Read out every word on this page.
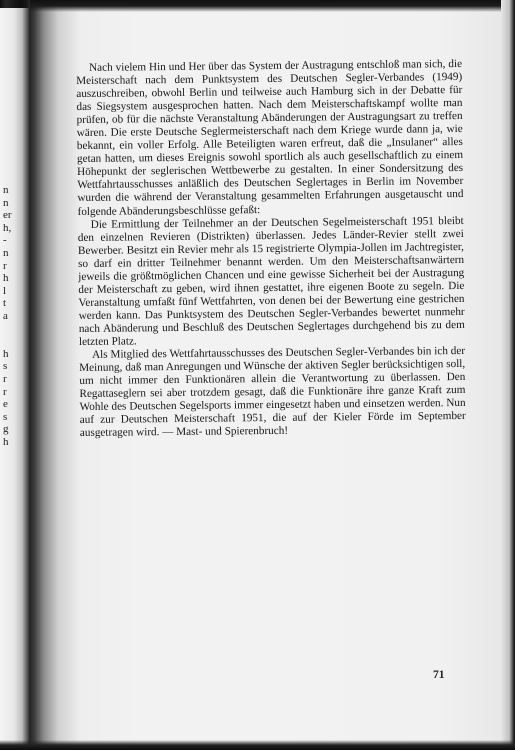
n
n
er
h,
-
n
r
h
l
t
a
h
s
r
r
e
s
g
h

Nach vielem Hin und Her über das System der Austragung entschloß man sich, die Meisterschaft nach dem Punktsystem des Deutschen Segler-Verbandes (1949) auszuschreiben, obwohl Berlin und teilweise auch Hamburg sich in der Debatte für das Siegsystem ausgesprochen hatten. Nach dem Meisterschaftskampf wollte man prüfen, ob für die nächste Veranstaltung Abänderungen der Austragungsart zu treffen wären. Die erste Deutsche Seglermeisterschaft nach dem Kriege wurde dann ja, wie bekannt, ein voller Erfolg. Alle Beteiligten waren erfreut, daß die „Insulaner“ alles getan hatten, um dieses Ereignis sowohl sportlich als auch gesellschaftlich zu einem Höhepunkt der seglerischen Wettbewerbe zu gestalten. In einer Sondersitzung des Wettfahrtausschusses anläßlich des Deutschen Seglertages in Berlin im November wurden die während der Veranstaltung gesammelten Erfahrungen ausgetauscht und folgende Abänderungsbeschlüsse gefaßt:

Die Ermittlung der Teilnehmer an der Deutschen Segelmeisterschaft 1951 bleibt den einzelnen Revieren (Distrikten) überlassen. Jedes Länder-Revier stellt zwei Bewerber. Besitzt ein Revier mehr als 15 registrierte Olympia-Jollen im Jachtregister, so darf ein dritter Teilnehmer benannt werden. Um den Meisterschaftsanwärtern jeweils die größtmöglichen Chancen und eine gewisse Sicherheit bei der Austragung der Meisterschaft zu geben, wird ihnen gestattet, ihre eigenen Boote zu segeln. Die Veranstaltung umfaßt fünf Wettfahrten, von denen bei der Bewertung eine gestrichen werden kann. Das Punktsystem des Deutschen Segler-Verbandes bewertet nunmehr nach Abänderung und Beschluß des Deutschen Seglertages durchgehend bis zu dem letzten Platz.

Als Mitglied des Wettfahrtausschusses des Deutschen Segler-Verbandes bin ich der Meinung, daß man Anregungen und Wünsche der aktiven Segler berücksichtigen soll, um nicht immer den Funktionären allein die Verantwortung zu überlassen. Den Regattaseglern sei aber trotzdem gesagt, daß die Funktionäre ihre ganze Kraft zum Wohle des Deutschen Segelsports immer eingesetzt haben und einsetzen werden. Nun auf zur Deutschen Meisterschaft 1951, die auf der Kieler Förde im September ausgetragen wird. — Mast- und Spierenbruch!

71
